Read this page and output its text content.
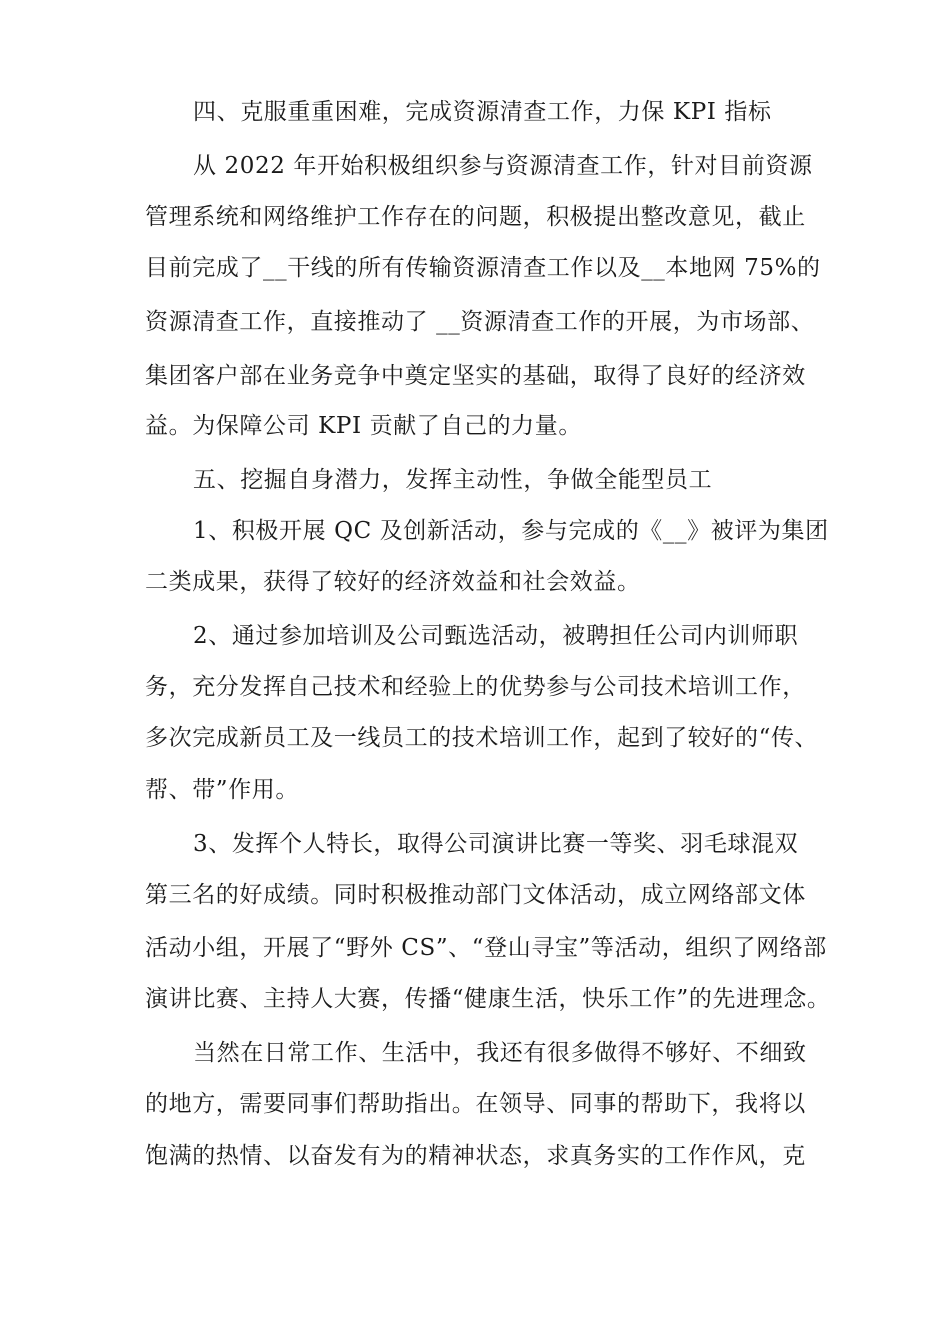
四、克服重重困难，完成资源清查工作，力保 KPI 指标
从 2022 年开始积极组织参与资源清查工作，针对目前资源
管理系统和网络维护工作存在的问题，积极提出整改意见，截止
目前完成了__干线的所有传输资源清查工作以及__本地网 75%的
资源清查工作，直接推动了 __资源清查工作的开展，为市场部、
集团客户部在业务竞争中奠定坚实的基础，取得了良好的经济效
益。为保障公司 KPI 贡献了自己的力量。
五、挖掘自身潜力，发挥主动性，争做全能型员工
1、积极开展 QC 及创新活动，参与完成的《__》被评为集团
二类成果，获得了较好的经济效益和社会效益。
2、通过参加培训及公司甄选活动，被聘担任公司内训师职
务，充分发挥自己技术和经验上的优势参与公司技术培训工作，
多次完成新员工及一线员工的技术培训工作，起到了较好的“传、
帮、带”作用。
3、发挥个人特长，取得公司演讲比赛一等奖、羽毛球混双
第三名的好成绩。同时积极推动部门文体活动，成立网络部文体
活动小组，开展了“野外 CS”、“登山寻宝”等活动，组织了网络部
演讲比赛、主持人大赛，传播“健康生活，快乐工作”的先进理念。
当然在日常工作、生活中，我还有很多做得不够好、不细致
的地方，需要同事们帮助指出。在领导、同事的帮助下，我将以
饱满的热情、以奋发有为的精神状态，求真务实的工作作风，克
